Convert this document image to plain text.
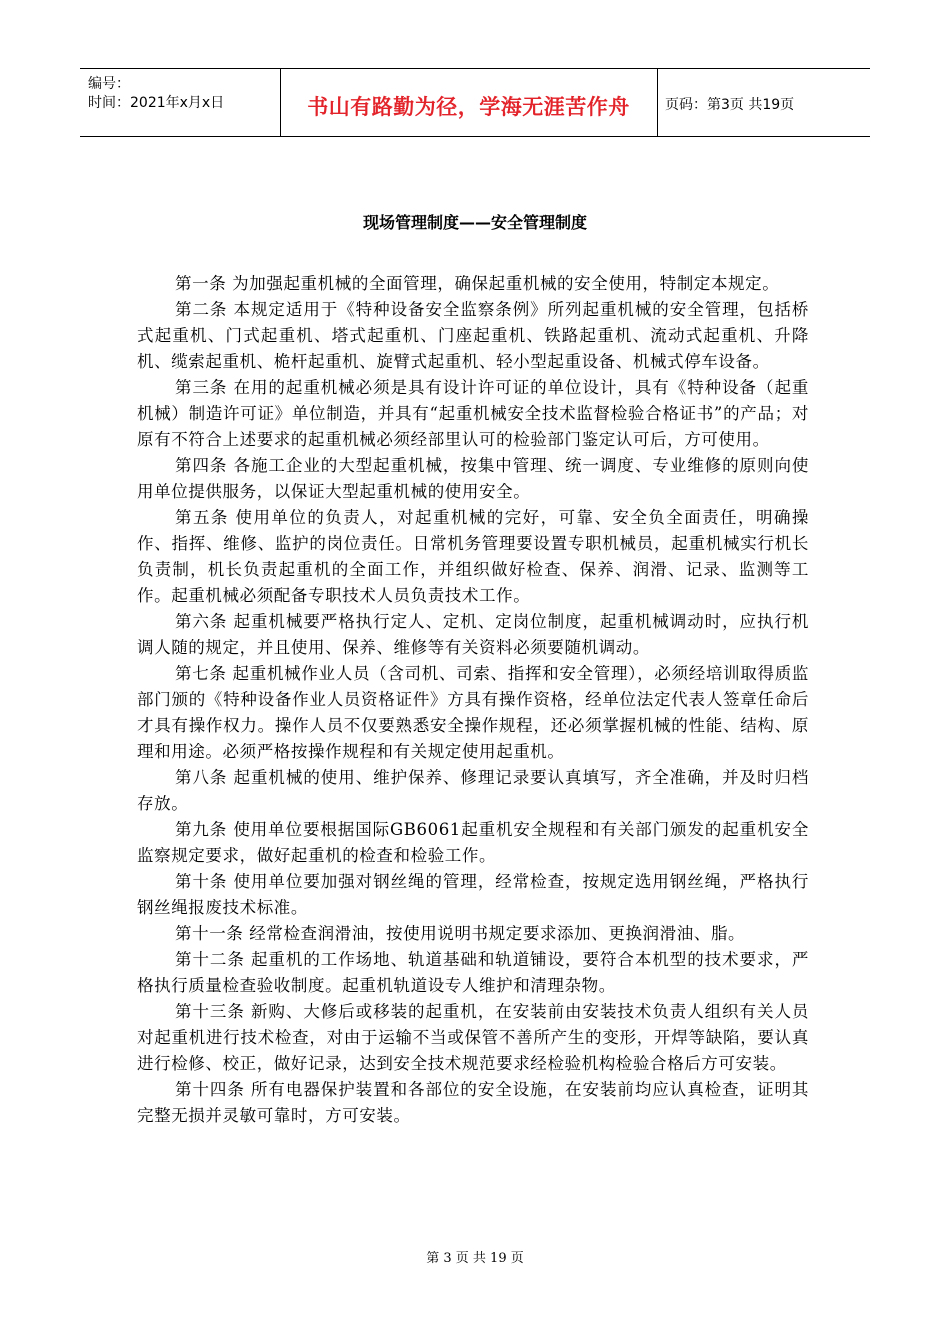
编号：
时间：2021年x月x日	书山有路勤为径，学海无涯苦作舟	页码：第3页 共19页
现场管理制度——安全管理制度

第一条 为加强起重机械的全面管理，确保起重机械的安全使用，特制定本规定。

第二条 本规定适用于《特种设备安全监察条例》所列起重机械的安全管理，包括桥式起重机、门式起重机、塔式起重机、门座起重机、铁路起重机、流动式起重机、升降机、缆索起重机、桅杆起重机、旋臂式起重机、轻小型起重设备、机械式停车设备。

第三条 在用的起重机械必须是具有设计许可证的单位设计，具有《特种设备（起重机械）制造许可证》单位制造，并具有“起重机械安全技术监督检验合格证书”的产品；对原有不符合上述要求的起重机械必须经部里认可的检验部门鉴定认可后，方可使用。

第四条 各施工企业的大型起重机械，按集中管理、统一调度、专业维修的原则向使用单位提供服务，以保证大型起重机械的使用安全。

第五条 使用单位的负责人，对起重机械的完好，可靠、安全负全面责任，明确操作、指挥、维修、监护的岗位责任。日常机务管理要设置专职机械员，起重机械实行机长负责制，机长负责起重机的全面工作，并组织做好检查、保养、润滑、记录、监测等工作。起重机械必须配备专职技术人员负责技术工作。

第六条 起重机械要严格执行定人、定机、定岗位制度，起重机械调动时，应执行机调人随的规定，并且使用、保养、维修等有关资料必须要随机调动。

第七条 起重机械作业人员（含司机、司索、指挥和安全管理），必须经培训取得质监部门颁的《特种设备作业人员资格证件》方具有操作资格，经单位法定代表人签章任命后才具有操作权力。操作人员不仅要熟悉安全操作规程，还必须掌握机械的性能、结构、原理和用途。必须严格按操作规程和有关规定使用起重机。

第八条 起重机械的使用、维护保养、修理记录要认真填写，齐全准确，并及时归档存放。

第九条 使用单位要根据国际GB6061起重机安全规程和有关部门颁发的起重机安全监察规定要求，做好起重机的检查和检验工作。

第十条 使用单位要加强对钢丝绳的管理，经常检查，按规定选用钢丝绳，严格执行钢丝绳报废技术标准。

第十一条 经常检查润滑油，按使用说明书规定要求添加、更换润滑油、脂。

第十二条 起重机的工作场地、轨道基础和轨道铺设，要符合本机型的技术要求，严格执行质量检查验收制度。起重机轨道设专人维护和清理杂物。

第十三条 新购、大修后或移装的起重机，在安装前由安装技术负责人组织有关人员对起重机进行技术检查，对由于运输不当或保管不善所产生的变形，开焊等缺陷，要认真进行检修、校正，做好记录，达到安全技术规范要求经检验机构检验合格后方可安装。

第十四条 所有电器保护装置和各部位的安全设施，在安装前均应认真检查，证明其完整无损并灵敏可靠时，方可安装。

第 3 页 共 19 页
